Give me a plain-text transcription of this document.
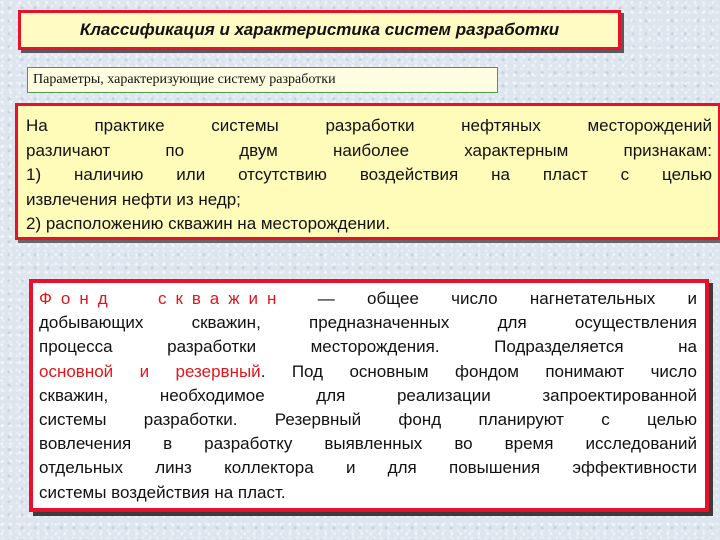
Классификация и характеристика систем разработки
Параметры, характеризующие систему разработки
На практике системы разработки нефтяных месторождений
различают по двум наиболее характерным признакам:
1) наличию или отсутствию воздействия на пласт с целью
извлечения нефти из недр;
2) расположению скважин на месторождении.
Фонд скважин — общее число нагнетательных и
добывающих скважин, предназначенных для осуществления
процесса разработки месторождения. Подразделяется на
основной и резервный. Под основным фондом понимают число
скважин, необходимое для реализации запроектированной
системы разработки. Резервный фонд планируют с целью
вовлечения в разработку выявленных во время исследований
отдельных линз коллектора и для повышения эффективности
системы воздействия на пласт.
